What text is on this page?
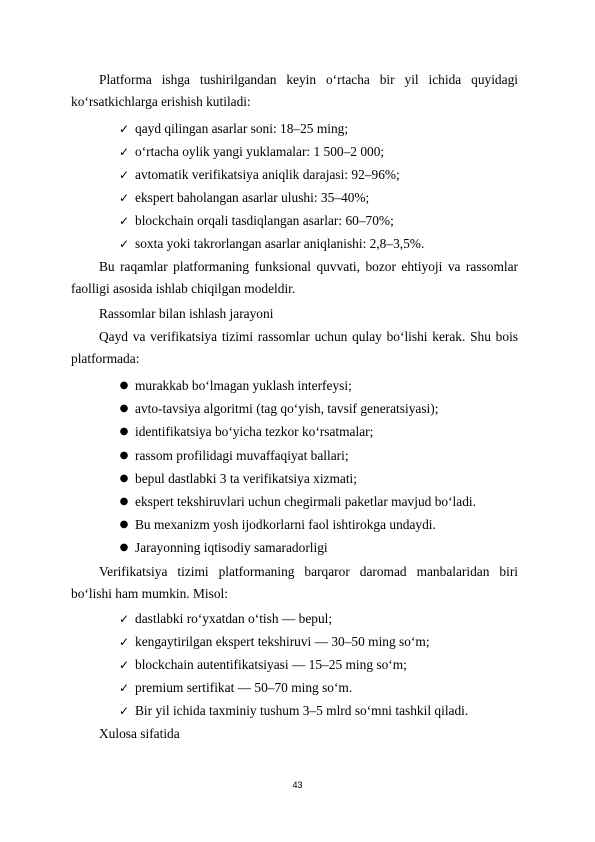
Platforma ishga tushirilgandan keyin o‘rtacha bir yil ichida quyidagi ko‘rsatkichlarga erishish kutiladi:
✓ qayd qilingan asarlar soni: 18–25 ming;
✓ o‘rtacha oylik yangi yuklamalar: 1 500–2 000;
✓ avtomatik verifikatsiya aniqlik darajasi: 92–96%;
✓ ekspert baholangan asarlar ulushi: 35–40%;
✓ blockchain orqali tasdiqlangan asarlar: 60–70%;
✓ soxta yoki takrorlangan asarlar aniqlanishi: 2,8–3,5%.
Bu raqamlar platformaning funksional quvvati, bozor ehtiyoji va rassomlar faolligi asosida ishlab chiqilgan modeldir.
Rassomlar bilan ishlash jarayoni
Qayd va verifikatsiya tizimi rassomlar uchun qulay bo‘lishi kerak. Shu bois platformada:
● murakkab bo‘lmagan yuklash interfeysi;
● avto-tavsiya algoritmi (tag qo‘yish, tavsif generatsiyasi);
● identifikatsiya bo‘yicha tezkor ko‘rsatmalar;
● rassom profilidagi muvaffaqiyat ballari;
● bepul dastlabki 3 ta verifikatsiya xizmati;
● ekspert tekshiruvlari uchun chegirmali paketlar mavjud bo‘ladi.
● Bu mexanizm yosh ijodkorlarni faol ishtirokga undaydi.
● Jarayonning iqtisodiy samaradorligi
Verifikatsiya tizimi platformaning barqaror daromad manbalaridan biri bo‘lishi ham mumkin. Misol:
✓ dastlabki ro‘yxatdan o‘tish — bepul;
✓ kengaytirilgan ekspert tekshiruvi — 30–50 ming so‘m;
✓ blockchain autentifikatsiyasi — 15–25 ming so‘m;
✓ premium sertifikat — 50–70 ming so‘m.
✓ Bir yil ichida taxminiy tushum 3–5 mlrd so‘mni tashkil qiladi.
Xulosa sifatida
43
